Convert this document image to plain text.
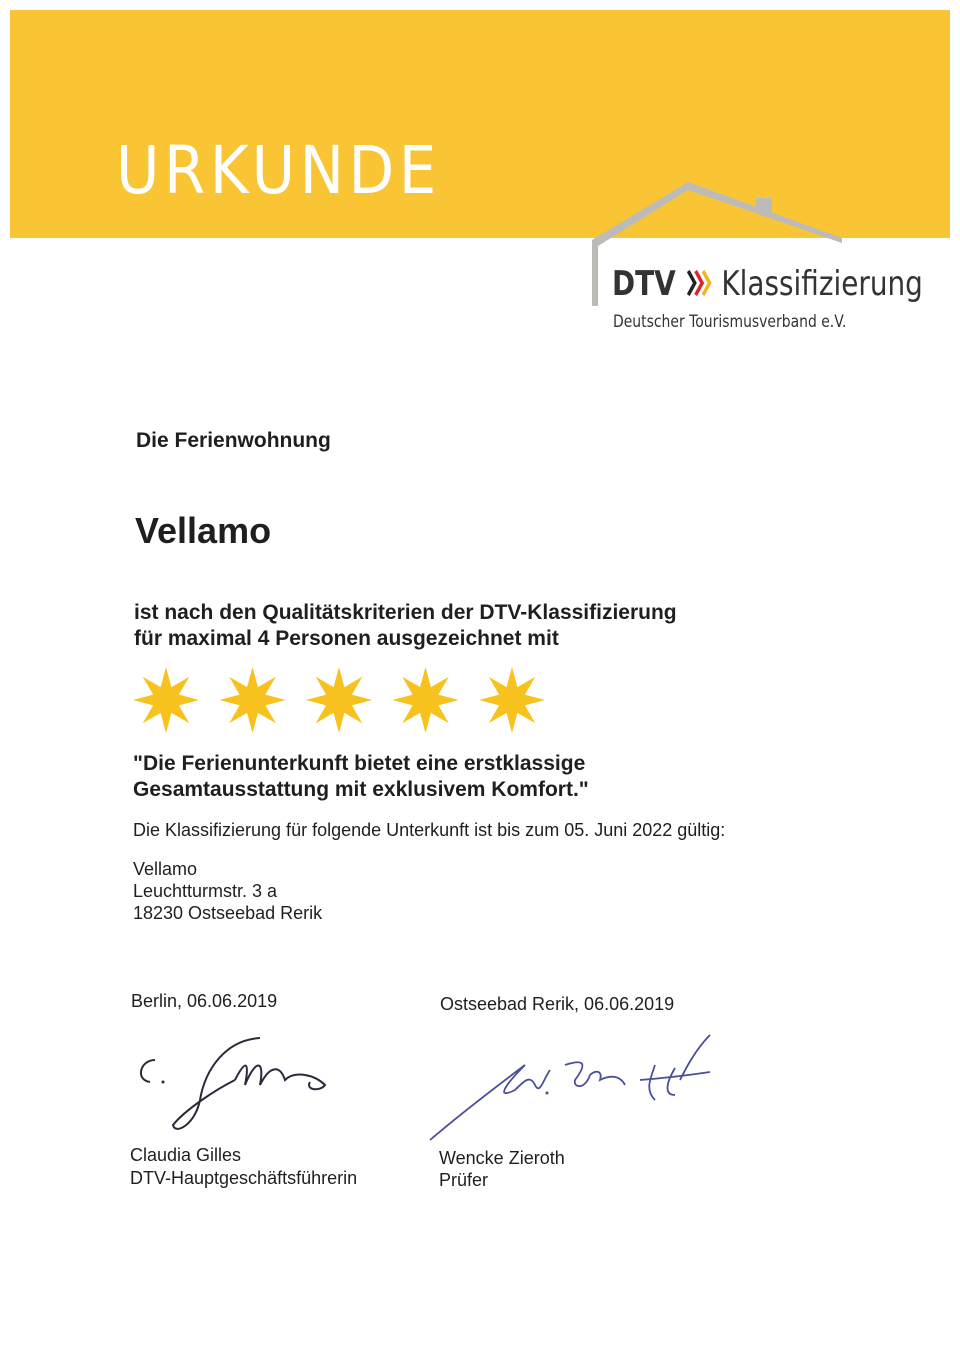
URKUNDE
DTV Klassifizierung
Deutscher Tourismusverband e.V.
Die Ferienwohnung
Vellamo
ist nach den Qualitätskriterien der DTV-Klassifizierung
für maximal 4 Personen ausgezeichnet mit
"Die Ferienunterkunft bietet eine erstklassige
Gesamtausstattung mit exklusivem Komfort."
Die Klassifizierung für folgende Unterkunft ist bis zum 05. Juni 2022 gültig:
Vellamo
Leuchtturmstr. 3 a
18230 Ostseebad Rerik
Berlin, 06.06.2019	Ostseebad Rerik, 06.06.2019
Claudia Gilles
DTV-Hauptgeschäftsführerin
Wencke Zieroth
Prüfer
